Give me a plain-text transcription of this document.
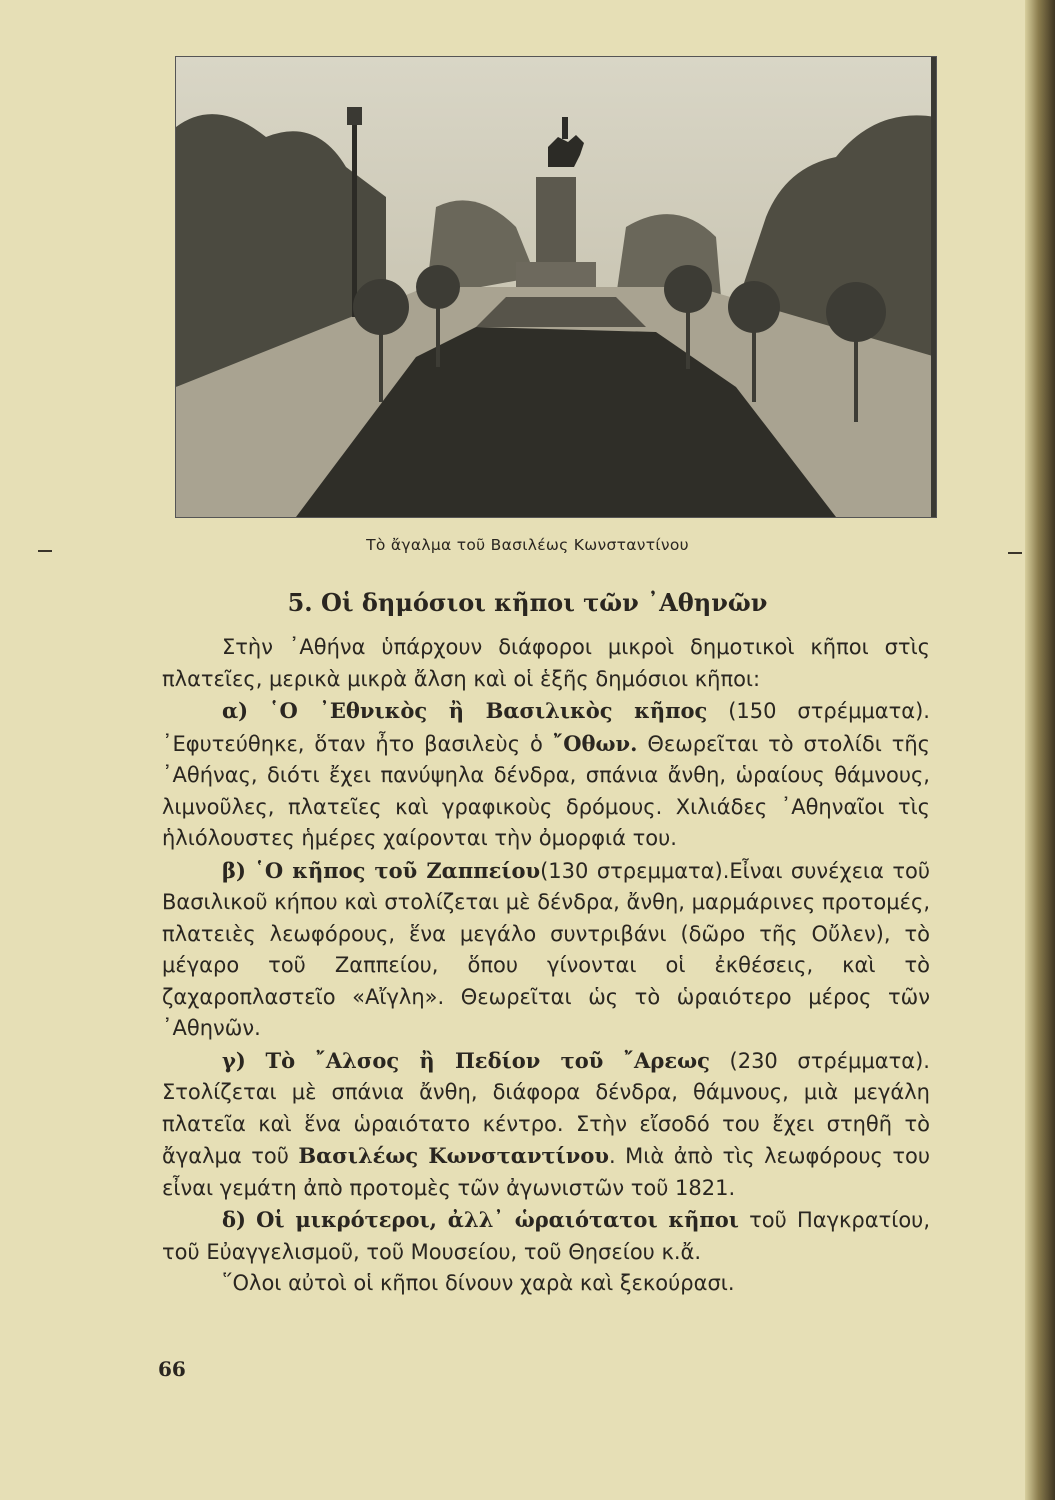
Τὸ ἄγαλμα τοῦ Βασιλέως Κωνσταντίνου
5. Οἱ δημόσιοι κῆποι τῶν ᾿Αθηνῶν

Στὴν ᾿Αθήνα ὑπάρχουν διάφοροι μικροὶ δημοτικοὶ κῆποι στὶς πλατεῖες, μερικὰ μικρὰ ἄλση καὶ οἱ ἑξῆς δημόσιοι κῆποι:

α) ῾Ο ᾿Εθνικὸς ἢ Βασιλικὸς κῆπος (150 στρέμματα). ᾿Εφυτεύθηκε, ὅταν ἦτο βασιλεὺς ὁ ῎Οθων. Θεωρεῖται τὸ στολίδι τῆς ᾿Αθήνας, διότι ἔχει πανύψηλα δένδρα, σπάνια ἄνθη, ὡραίους θάμνους, λιμνοῦλες, πλατεῖες καὶ γραφικοὺς δρόμους. Χιλιάδες ᾿Αθηναῖοι τὶς ἡλιόλουστες ἡμέρες χαίρονται τὴν ὀμορφιά του.

β) ῾Ο κῆπος τοῦ Ζαππείου(130 στρεμματα).Εἶναι συνέχεια τοῦ Βασιλικοῦ κήπου καὶ στολίζεται μὲ δένδρα, ἄνθη, μαρμάρινες προτομές, πλατειὲς λεωφόρους, ἕνα μεγάλο συντριβάνι (δῶρο τῆς Οὔλεν), τὸ μέγαρο τοῦ Ζαππείου, ὅπου γίνονται οἱ ἐκθέσεις, καὶ τὸ ζαχαροπλαστεῖο «Αἴγλη». Θεωρεῖται ὡς τὸ ὡραιότερο μέρος τῶν ᾿Αθηνῶν.

γ) Τὸ ῎Αλσος ἢ Πεδίον τοῦ ῎Αρεως (230 στρέμματα). Στολίζεται μὲ σπάνια ἄνθη, διάφορα δένδρα, θάμνους, μιὰ μεγάλη πλατεῖα καὶ ἕνα ὡραιότατο κέντρο. Στὴν εἴσοδό του ἔχει στηθῆ τὸ ἄγαλμα τοῦ Βασιλέως Κωνσταντίνου. Μιὰ ἀπὸ τὶς λεωφόρους του εἶναι γεμάτη ἀπὸ προτομὲς τῶν ἀγωνιστῶν τοῦ 1821.

δ) Οἱ μικρότεροι, ἀλλ᾿ ὡραιότατοι κῆποι τοῦ Παγκρατίου, τοῦ Εὐαγγελισμοῦ, τοῦ Μουσείου, τοῦ Θησείου κ.ἄ.

῞Ολοι αὐτοὶ οἱ κῆποι δίνουν χαρὰ καὶ ξεκούρασι.

66
